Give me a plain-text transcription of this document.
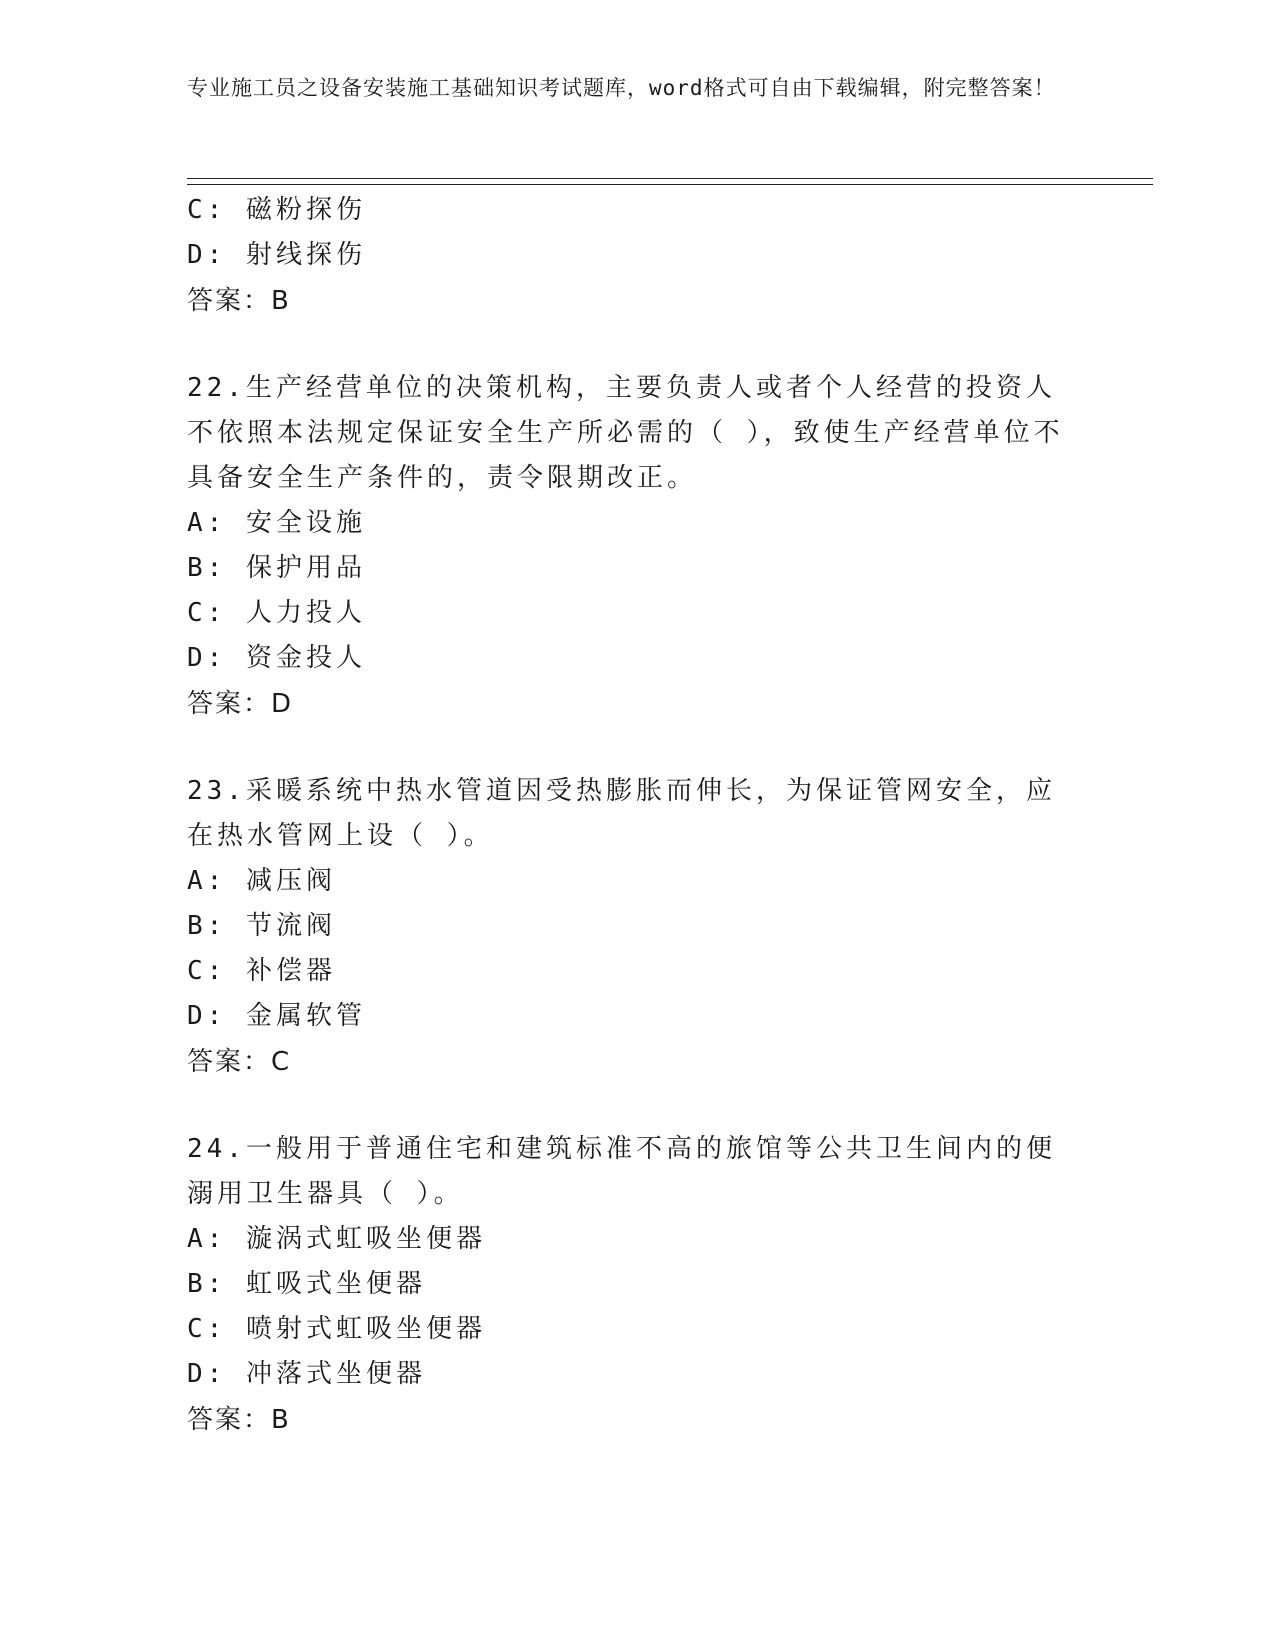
专业施工员之设备安装施工基础知识考试题库，word格式可自由下载编辑，附完整答案！
C: 磁粉探伤
D: 射线探伤
答案：B
22.生产经营单位的决策机构，主要负责人或者个人经营的投资人不依照本法规定保证安全生产所必需的（ ），致使生产经营单位不具备安全生产条件的，责令限期改正。
A: 安全设施
B: 保护用品
C: 人力投人
D: 资金投人
答案：D
23.采暖系统中热水管道因受热膨胀而伸长，为保证管网安全，应在热水管网上设（ ）。
A: 减压阀
B: 节流阀
C: 补偿器
D: 金属软管
答案：C
24.一般用于普通住宅和建筑标准不高的旅馆等公共卫生间内的便溺用卫生器具（ ）。
A: 漩涡式虹吸坐便器
B: 虹吸式坐便器
C: 喷射式虹吸坐便器
D: 冲落式坐便器
答案：B
